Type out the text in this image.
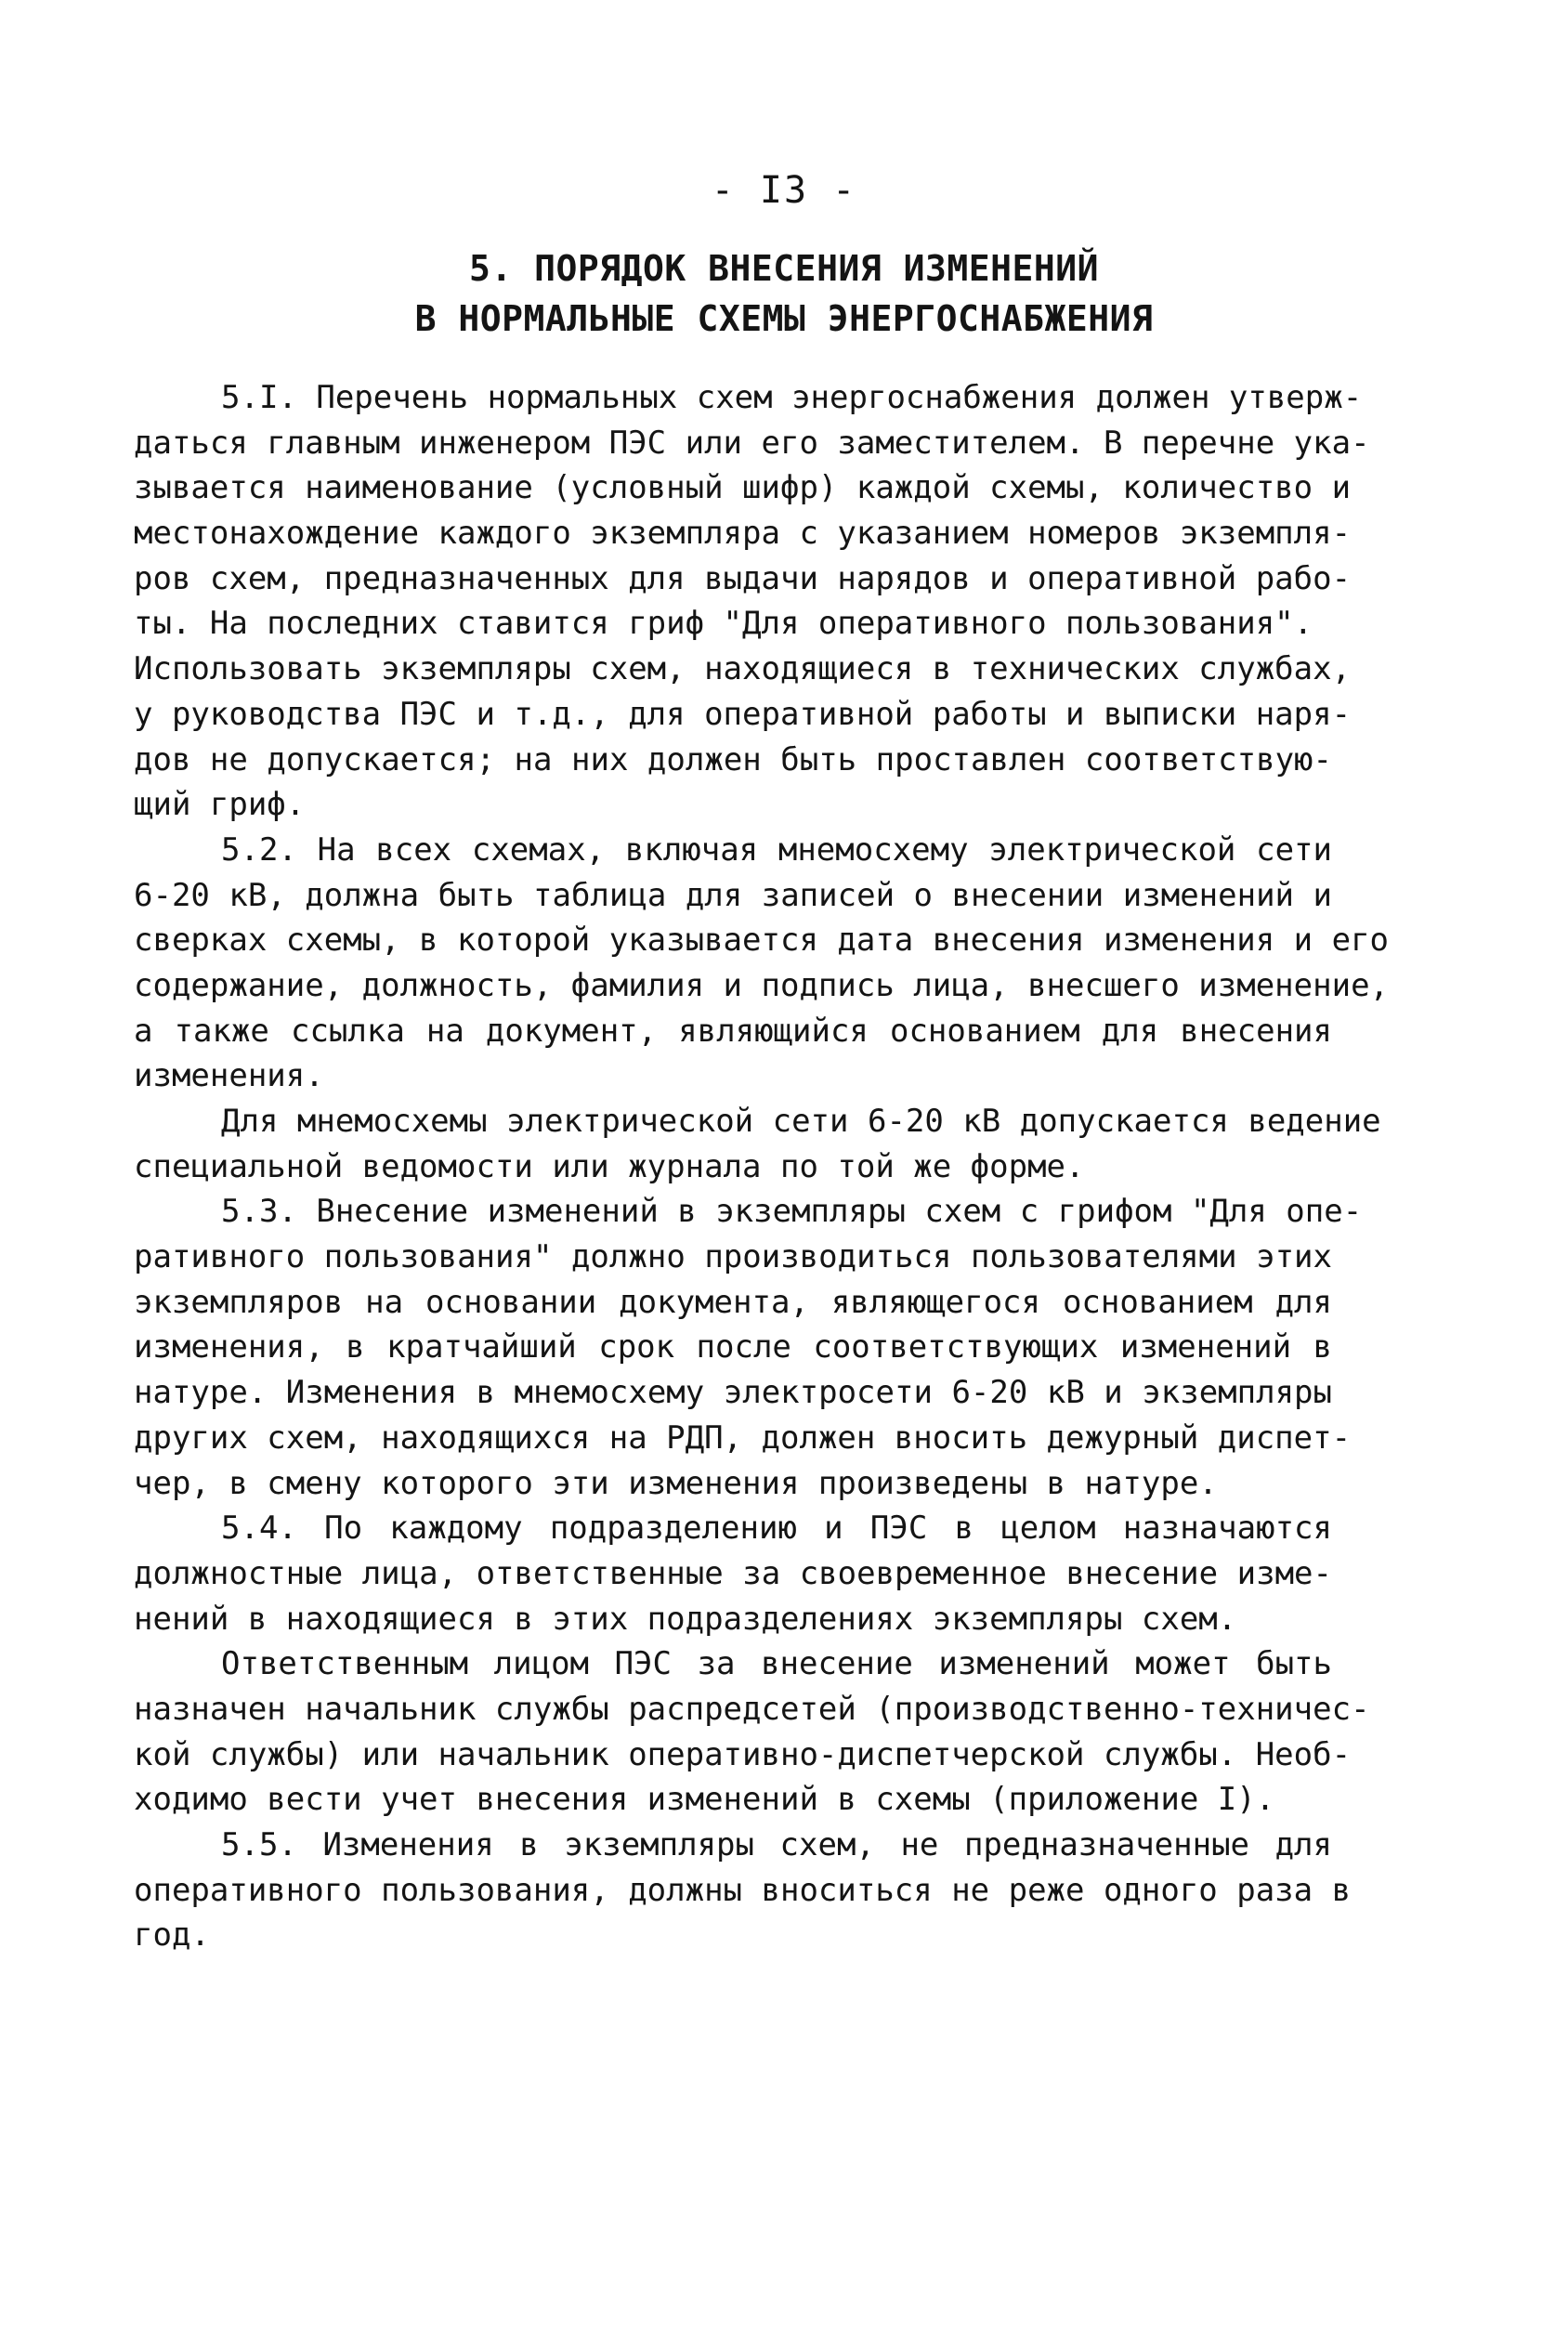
- I3 -
5. ПОРЯДОК ВНЕСЕНИЯ ИЗМЕНЕНИЙ
В НОРМАЛЬНЫЕ СХЕМЫ ЭНЕРГОСНАБЖЕНИЯ
5.I. Перечень нормальных схем энергоснабжения должен утверж-
даться главным инженером ПЭС или его заместителем. В перечне ука-
зывается наименование (условный шифр) каждой схемы, количество и
местонахождение каждого экземпляра с указанием номеров экземпля-
ров схем, предназначенных для выдачи нарядов и оперативной рабо-
ты. На последних ставится гриф "Для оперативного пользования".
Использовать экземпляры схем, находящиеся в технических службах,
у руководства ПЭС и т.д., для оперативной работы и выписки наря-
дов не допускается; на них должен быть проставлен соответствую-
щий гриф.
5.2. На всех схемах, включая мнемосхему электрической сети
6-20 кВ, должна быть таблица для записей о внесении изменений и
сверках схемы, в которой указывается дата внесения изменения и его
содержание, должность, фамилия и подпись лица, внесшего изменение,
а также ссылка на документ, являющийся основанием для внесения
изменения.
Для мнемосхемы электрической сети 6-20 кВ допускается ведение
специальной ведомости или журнала по той же форме.
5.3. Внесение изменений в экземпляры схем с грифом "Для опе-
ративного пользования" должно производиться пользователями этих
экземпляров на основании документа, являющегося основанием для
изменения, в кратчайший срок после соответствующих изменений в
натуре. Изменения в мнемосхему электросети 6-20 кВ и экземпляры
других схем, находящихся на РДП, должен вносить дежурный диспет-
чер, в смену которого эти изменения произведены в натуре.
5.4. По каждому подразделению и ПЭС в целом назначаются
должностные лица, ответственные за своевременное внесение изме-
нений в находящиеся в этих подразделениях экземпляры схем.
Ответственным лицом ПЭС за внесение изменений может быть
назначен начальник службы распредсетей (производственно-техничес-
кой службы) или начальник оперативно-диспетчерской службы. Необ-
ходимо вести учет внесения изменений в схемы (приложение I).
5.5. Изменения в экземпляры схем, не предназначенные для
оперативного пользования, должны вноситься не реже одного раза в
год.
